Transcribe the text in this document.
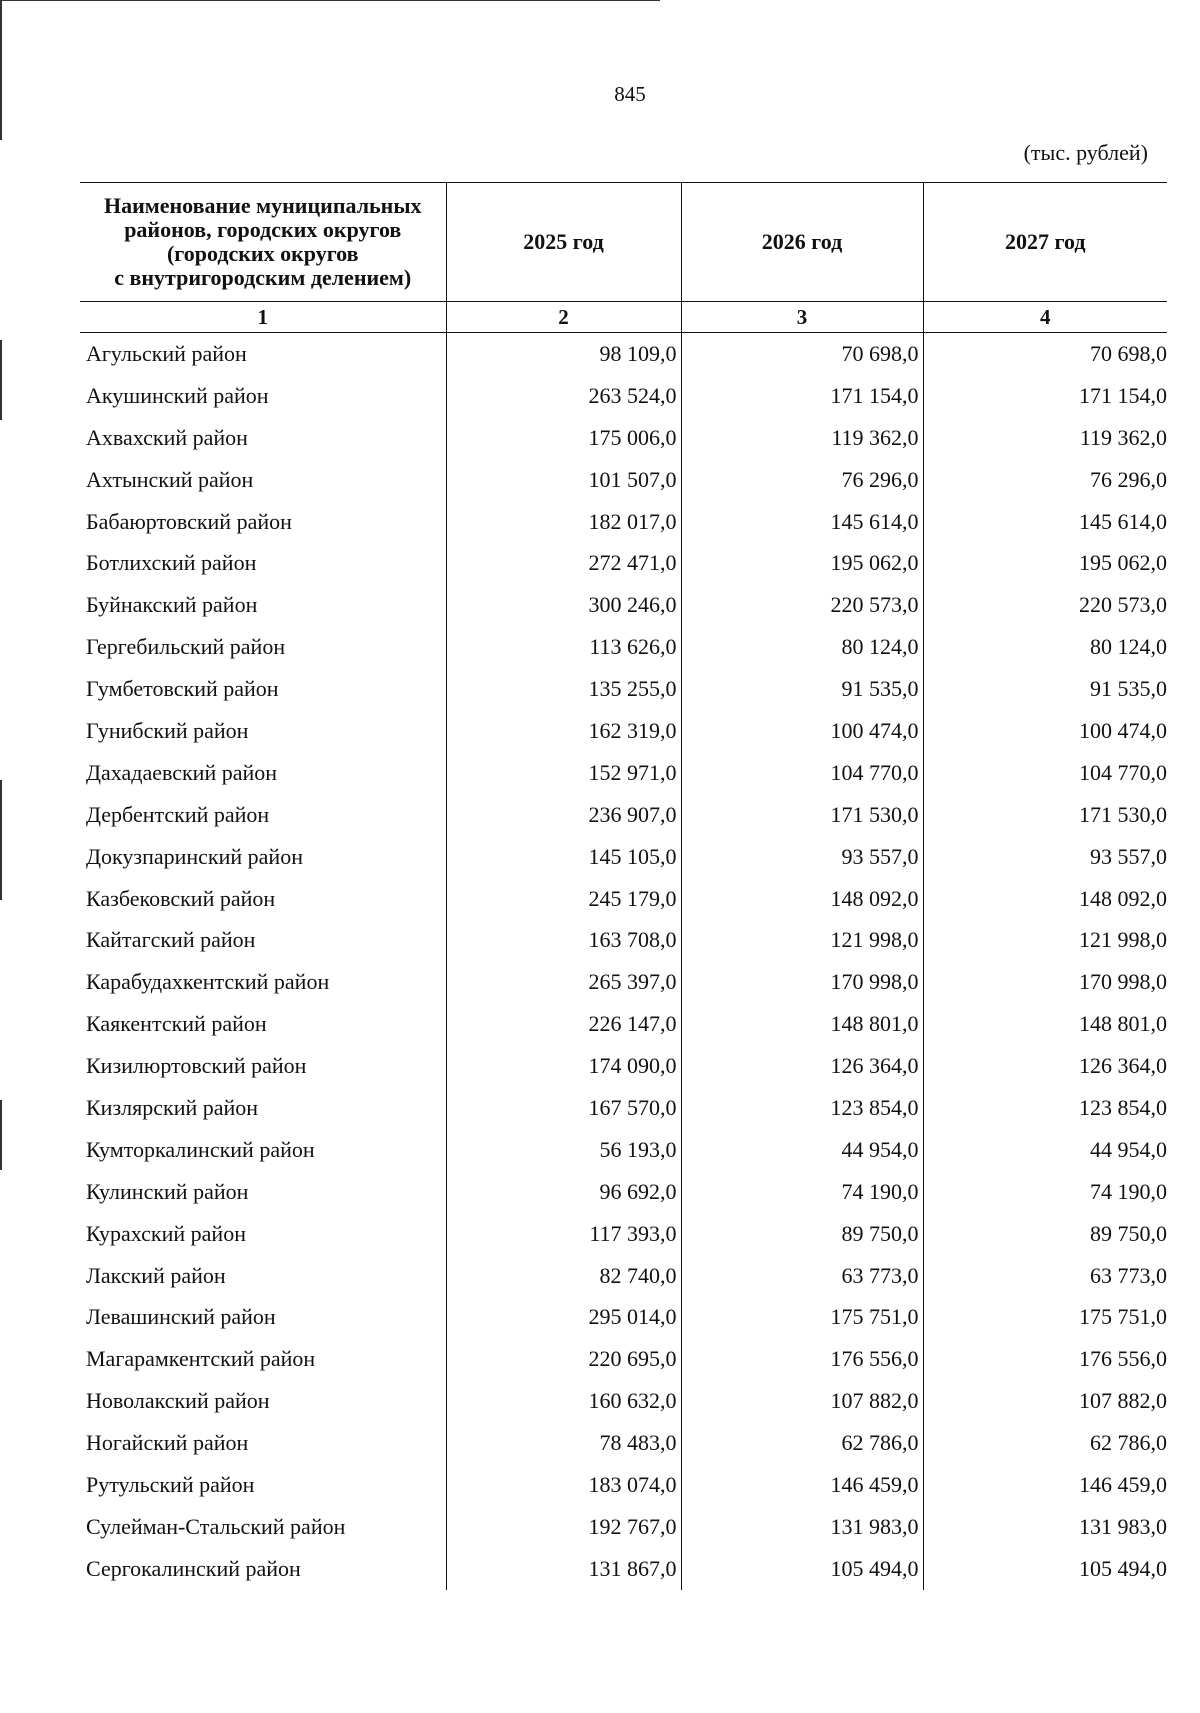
845
(тыс. рублей)
Наименование муниципальных
районов, городских округов
(городских округов
с внутригородским делением)	2025 год	2026 год	2027 год
1	2	3	4
Агульский район	98 109,0	70 698,0	70 698,0
Акушинский район	263 524,0	171 154,0	171 154,0
Ахвахский район	175 006,0	119 362,0	119 362,0
Ахтынский район	101 507,0	76 296,0	76 296,0
Бабаюртовский район	182 017,0	145 614,0	145 614,0
Ботлихский район	272 471,0	195 062,0	195 062,0
Буйнакский район	300 246,0	220 573,0	220 573,0
Гергебильский район	113 626,0	80 124,0	80 124,0
Гумбетовский район	135 255,0	91 535,0	91 535,0
Гунибский район	162 319,0	100 474,0	100 474,0
Дахадаевский район	152 971,0	104 770,0	104 770,0
Дербентский район	236 907,0	171 530,0	171 530,0
Докузпаринский район	145 105,0	93 557,0	93 557,0
Казбековский район	245 179,0	148 092,0	148 092,0
Кайтагский район	163 708,0	121 998,0	121 998,0
Карабудахкентский район	265 397,0	170 998,0	170 998,0
Каякентский район	226 147,0	148 801,0	148 801,0
Кизилюртовский район	174 090,0	126 364,0	126 364,0
Кизлярский район	167 570,0	123 854,0	123 854,0
Кумторкалинский район	56 193,0	44 954,0	44 954,0
Кулинский район	96 692,0	74 190,0	74 190,0
Курахский район	117 393,0	89 750,0	89 750,0
Лакский район	82 740,0	63 773,0	63 773,0
Левашинский район	295 014,0	175 751,0	175 751,0
Магарамкентский район	220 695,0	176 556,0	176 556,0
Новолакский район	160 632,0	107 882,0	107 882,0
Ногайский район	78 483,0	62 786,0	62 786,0
Рутульский район	183 074,0	146 459,0	146 459,0
Сулейман-Стальский район	192 767,0	131 983,0	131 983,0
Сергокалинский район	131 867,0	105 494,0	105 494,0
